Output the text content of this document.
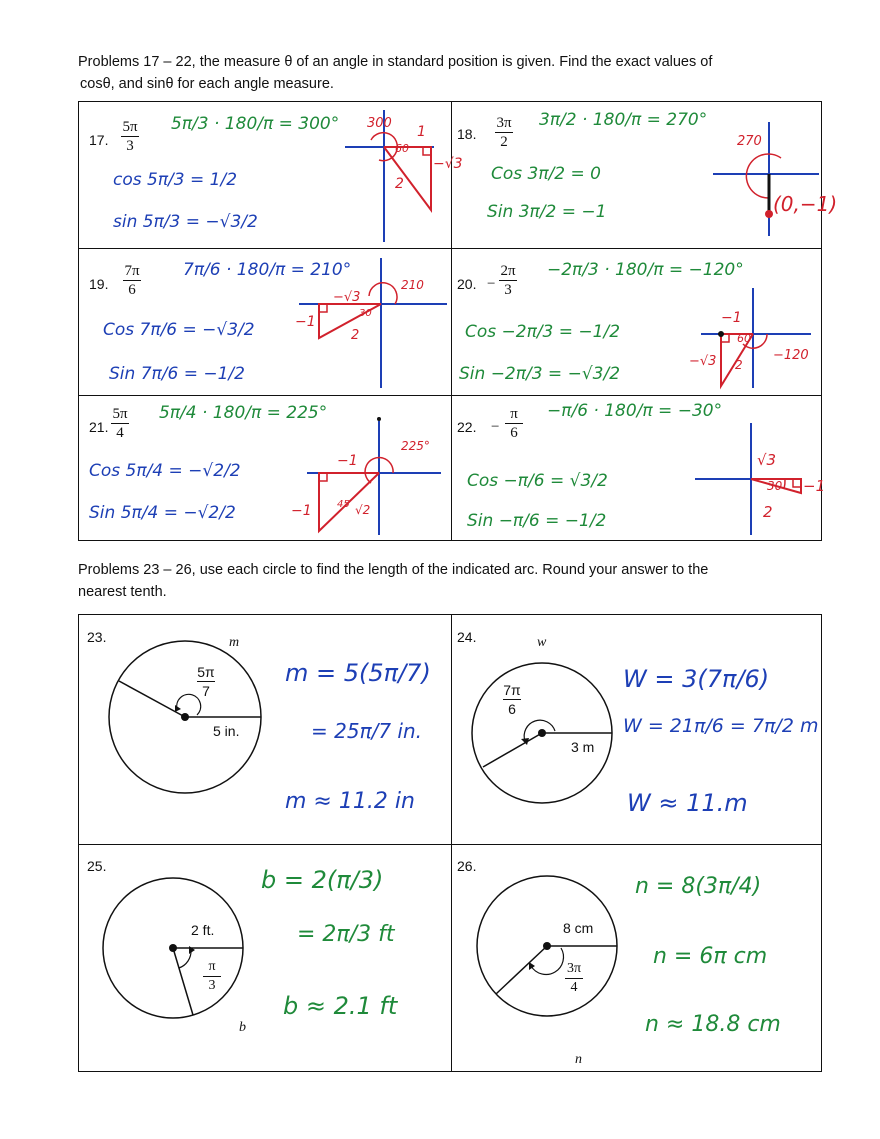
Problems 17 – 22, the measure θ of an angle in standard position is given. Find the exact values of
cosθ, and sinθ for each angle measure.
17.
5π
3
5π/3 · 180/π = 300°
cos 5π/3 = 1/2
sin 5π/3 = −√3/2
300
60
1
−√3
2
18.
3π
2
3π/2 · 180/π = 270°
Cos 3π/2 = 0
Sin 3π/2 = −1
270
(0,−1)
19.
7π
6
7π/6 · 180/π = 210°
Cos 7π/6 = −√3/2
Sin 7π/6 = −1/2
210
30
−√3
−1
2
20. −
2π
3
−2π/3 · 180/π = −120°
Cos −2π/3 = −1/2
Sin −2π/3 = −√3/2
60
−1
−√3 2
−120
21.
5π
4
5π/4 · 180/π = 225°
Cos 5π/4 = −√2/2
Sin 5π/4 = −√2/2
225°
45
−1
−1	√2
22. −
π
6
−π/6 · 180/π = −30°
Cos −π/6 = √3/2
Sin −π/6 = −1/2
30
√3
−1
2
Problems 23 – 26, use each circle to find the length of the indicated arc. Round your answer to the
nearest tenth.
23.	m
5π
7
5 in.
m = 5(5π/7)
= 25π/7 in.
m ≈ 11.2 in
24.	w
7π
6
3 m
W = 3(7π/6)
W = 21π/6 = 7π/2 m
W ≈ 11.m
25.
b
π
3
2 ft.
b = 2(π/3)
= 2π/3 ft
b ≈ 2.1 ft
26.
n
3π
4
8 cm
n = 8(3π/4)
n = 6π cm
n ≈ 18.8 cm
